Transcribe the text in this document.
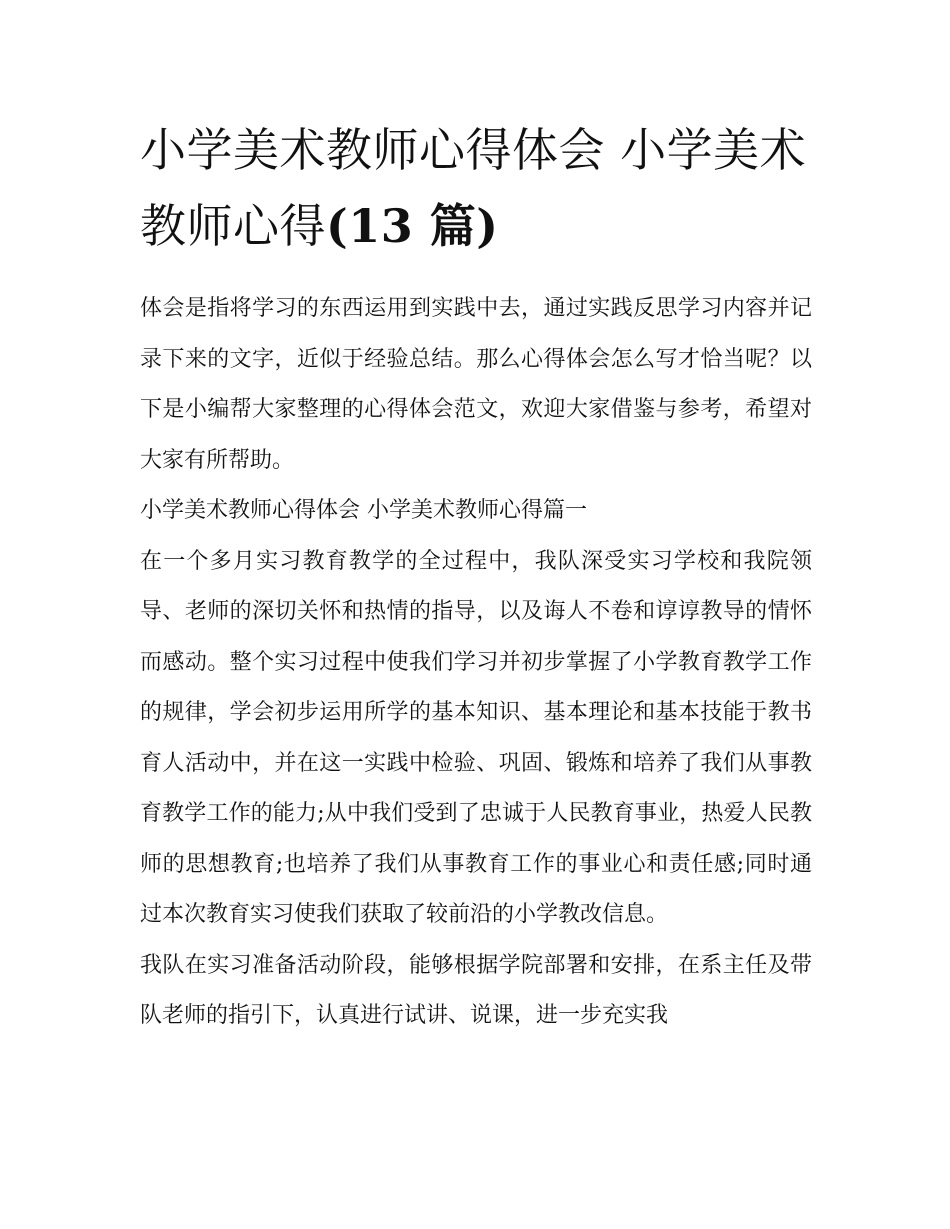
小学美术教师心得体会 小学美术教师心得(13 篇)

体会是指将学习的东西运用到实践中去，通过实践反思学习内容并记录下来的文字，近似于经验总结。那么心得体会怎么写才恰当呢？以下是小编帮大家整理的心得体会范文，欢迎大家借鉴与参考，希望对大家有所帮助。

小学美术教师心得体会 小学美术教师心得篇一

在一个多月实习教育教学的全过程中，我队深受实习学校和我院领导、老师的深切关怀和热情的指导，以及诲人不卷和谆谆教导的情怀而感动。整个实习过程中使我们学习并初步掌握了小学教育教学工作的规律，学会初步运用所学的基本知识、基本理论和基本技能于教书育人活动中，并在这一实践中检验、巩固、锻炼和培养了我们从事教育教学工作的能力;从中我们受到了忠诚于人民教育事业，热爱人民教师的思想教育;也培养了我们从事教育工作的事业心和责任感;同时通过本次教育实习使我们获取了较前沿的小学教改信息。

我队在实习准备活动阶段，能够根据学院部署和安排，在系主任及带队老师的指引下，认真进行试讲、说课，进一步充实我
